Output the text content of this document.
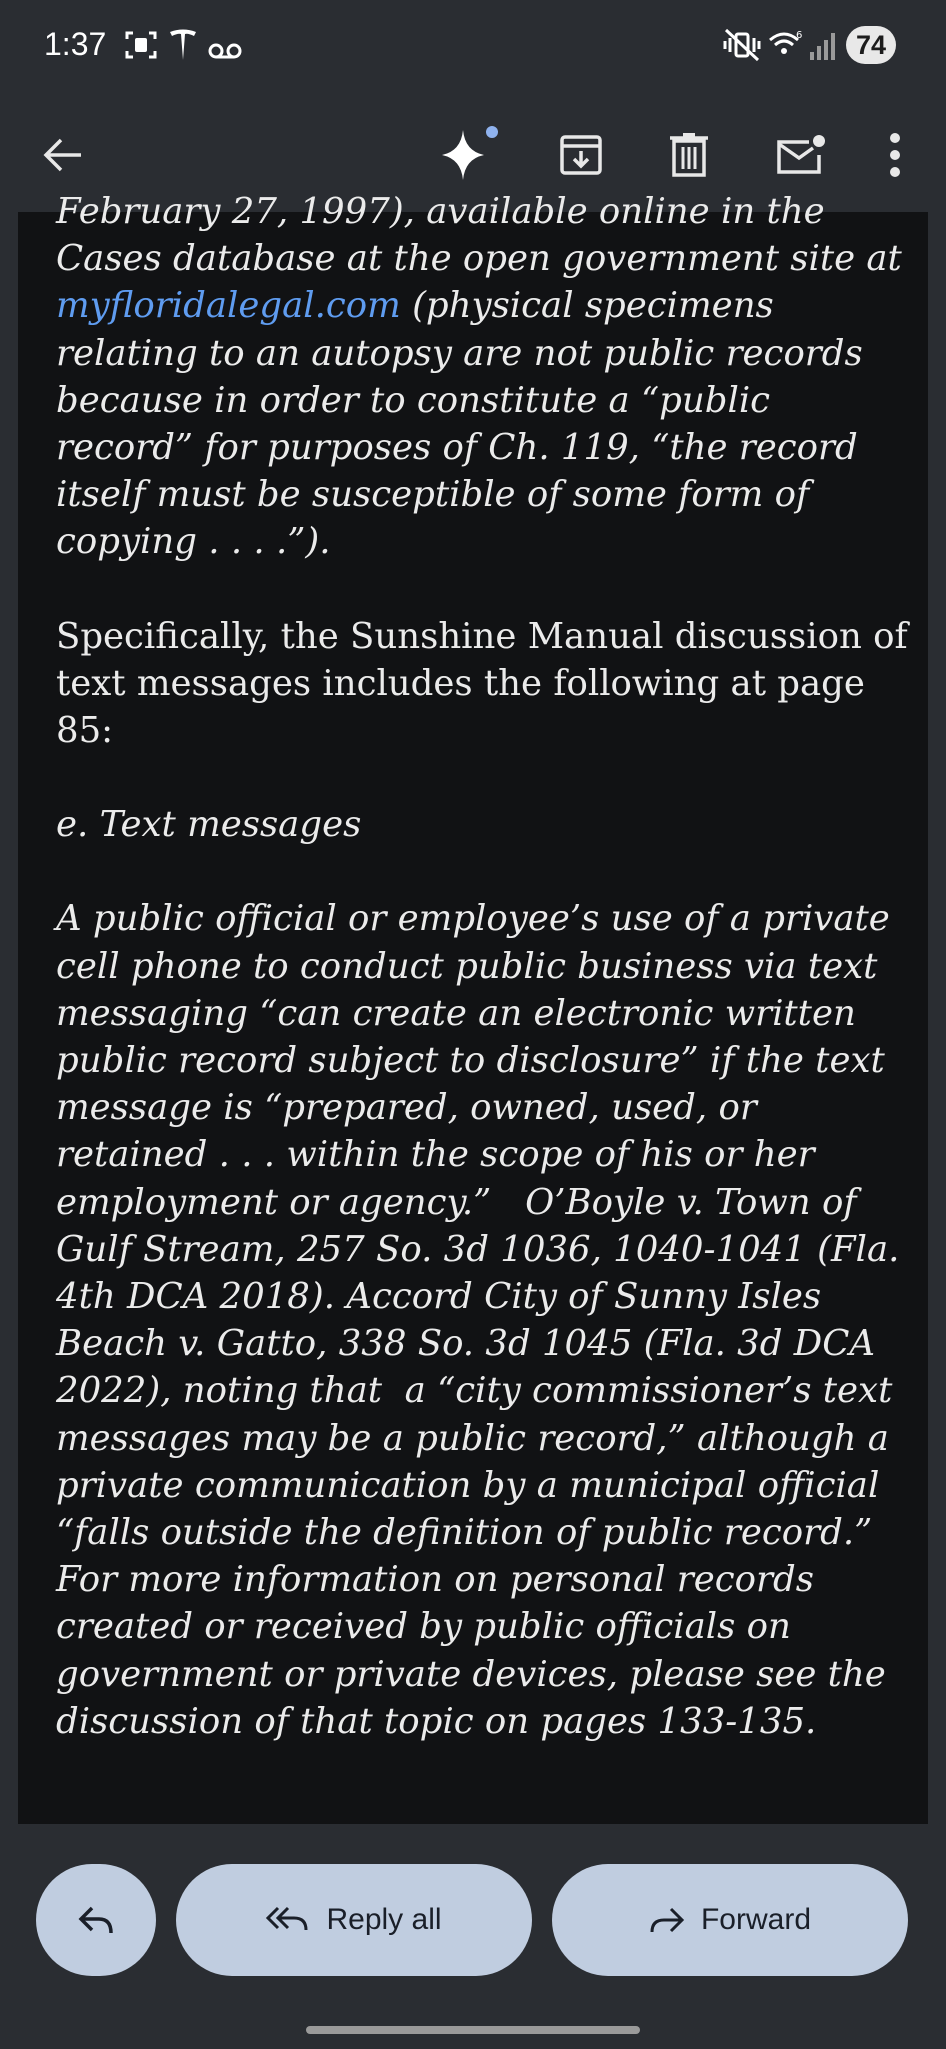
1:37	6	74

February 27, 1997), available online in the

Cases database at the open government site at myfloridalegal.com (physical specimens relating to an autopsy are not public records because in order to constitute a “public record” for purposes of Ch. 119, “the record itself must be susceptible of some form of copying . . . .”).

Specifically, the Sunshine Manual discussion of text messages includes the following at page 85:

e. Text messages

A public official or employee’s use of a private cell phone to conduct public business via text messaging “can create an electronic written public record subject to disclosure” if the text message is “prepared, owned, used, or retained . . . within the scope of his or her employment or agency.”   O’Boyle v. Town of Gulf Stream, 257 So. 3d 1036, 1040-1041 (Fla. 4th DCA 2018). Accord City of Sunny Isles Beach v. Gatto, 338 So. 3d 1045 (Fla. 3d DCA 2022), noting that  a “city commissioner’s text messages may be a public record,” although a private communication by a municipal official “falls outside the definition of public record.”  For more information on personal records created or received by public officials on government or private devices, please see the discussion of that topic on pages 133-135.

Reply all	Forward
